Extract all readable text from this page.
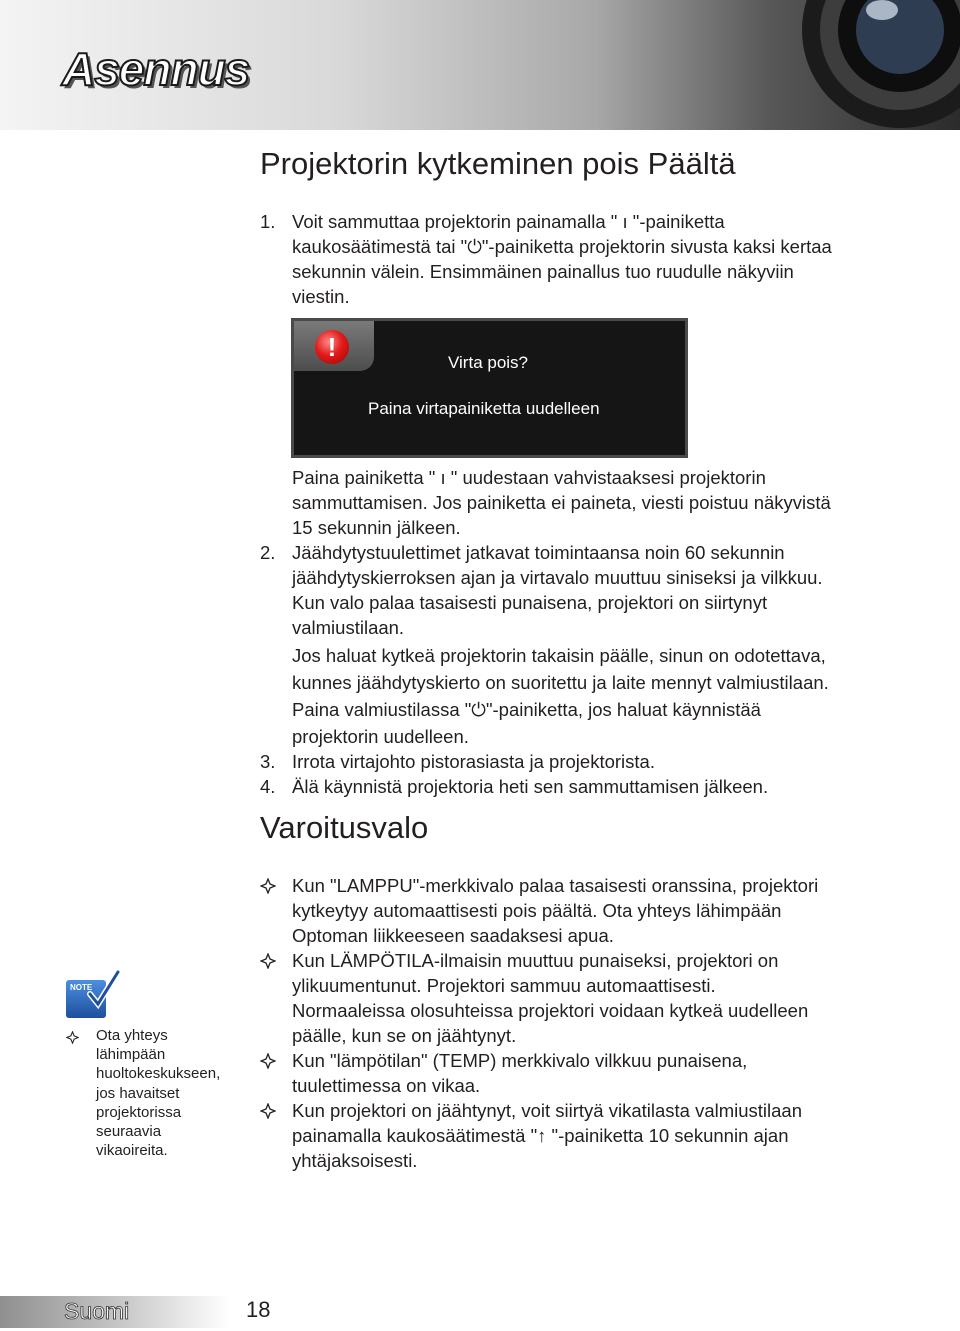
Asennus
Projektorin kytkeminen pois Päältä
1. Voit sammuttaa projektorin painamalla " ı "-painiketta
kaukosäätimestä tai "⏻"-painiketta projektorin sivusta kaksi kertaa
sekunnin välein. Ensimmäinen painallus tuo ruudulle näkyviin
viestin.
!
Virta pois?
Paina virtapainiketta uudelleen
Paina painiketta " ı " uudestaan vahvistaaksesi projektorin
sammuttamisen. Jos painiketta ei paineta, viesti poistuu näkyvistä
15 sekunnin jälkeen.
2. Jäähdytystuulettimet jatkavat toimintaansa noin 60 sekunnin
jäähdytyskierroksen ajan ja virtavalo muuttuu siniseksi ja vilkkuu.
Kun valo palaa tasaisesti punaisena, projektori on siirtynyt
valmiustilaan.
Jos haluat kytkeä projektorin takaisin päälle, sinun on odotettava,
kunnes jäähdytyskierto on suoritettu ja laite mennyt valmiustilaan.
Paina valmiustilassa "⏻"-painiketta, jos haluat käynnistää
projektorin uudelleen.
3. Irrota virtajohto pistorasiasta ja projektorista.
4. Älä käynnistä projektoria heti sen sammuttamisen jälkeen.
Varoitusvalo
Kun "LAMPPU"-merkkivalo palaa tasaisesti oranssina, projektori
kytkeytyy automaattisesti pois päältä. Ota yhteys lähimpään
Optoman liikkeeseen saadaksesi apua.
Kun LÄMPÖTILA-ilmaisin muuttuu punaiseksi, projektori on
ylikuumentunut. Projektori sammuu automaattisesti.
Normaaleissa olosuhteissa projektori voidaan kytkeä uudelleen
päälle, kun se on jäähtynyt.
Kun "lämpötilan" (TEMP) merkkivalo vilkkuu punaisena,
tuulettimessa on vikaa.
Kun projektori on jäähtynyt, voit siirtyä vikatilasta valmiustilaan
painamalla kaukosäätimestä "↑ "-painiketta 10 sekunnin ajan
yhtäjaksoisesti.
NOTE
Ota yhteys
lähimpään
huoltokeskukseen,
jos havaitset
projektorissa
seuraavia
vikaoireita.
Suomi	18
